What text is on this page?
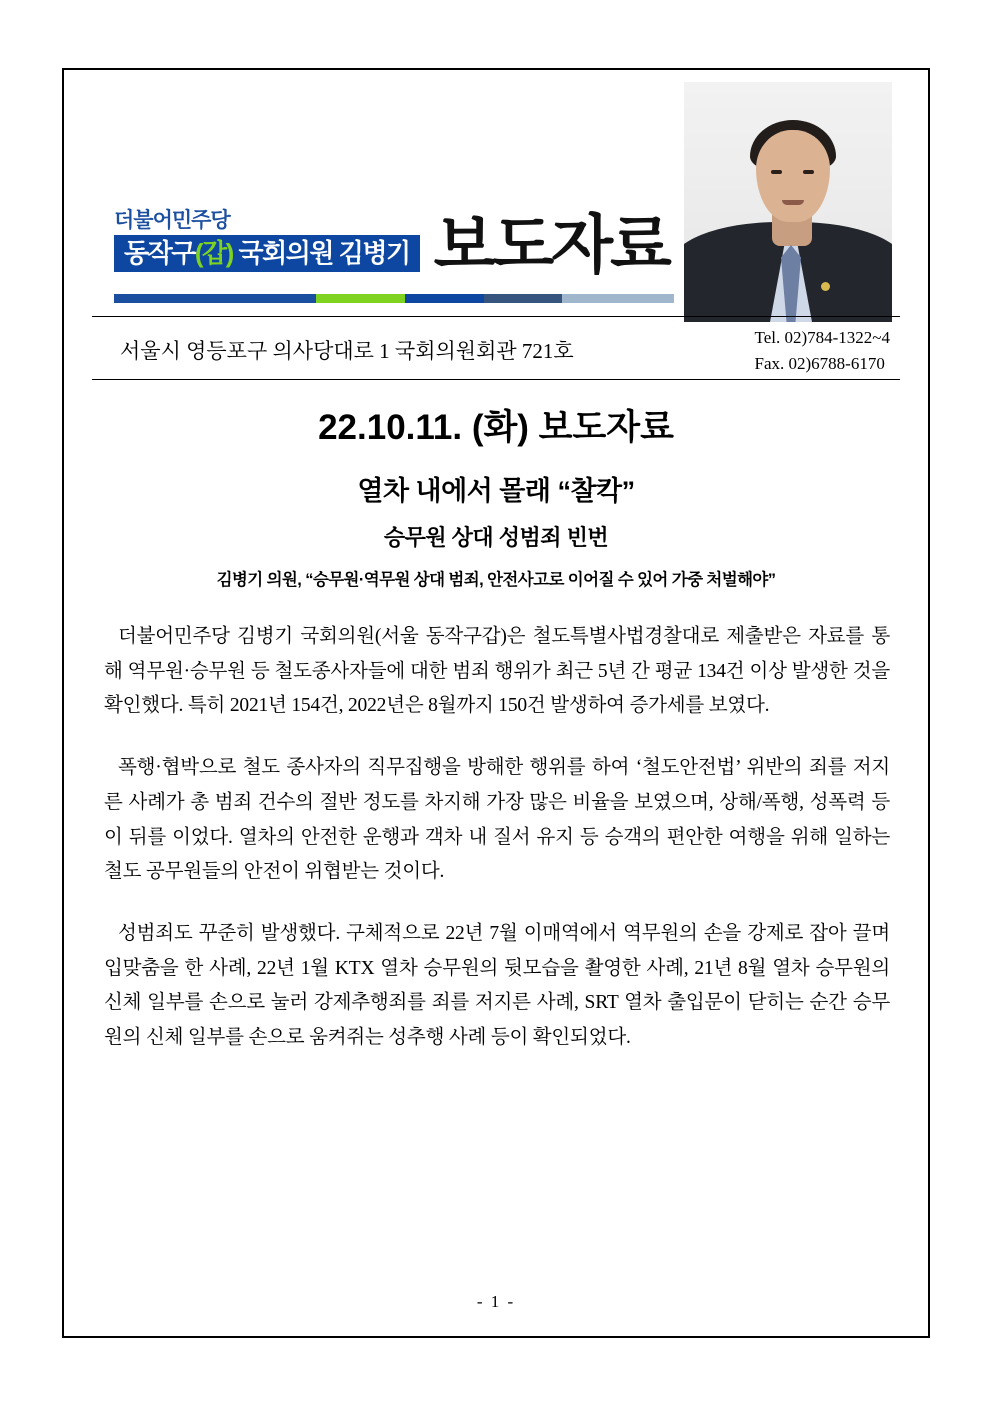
더불어민주당
동작구(갑) 국회의원 김병기 보도자료
서울시 영등포구 의사당대로 1 국회의원회관 721호
Tel. 02)784-1322~4
Fax. 02)6788-6170
22.10.11. (화) 보도자료
열차 내에서 몰래 “찰칵”
승무원 상대 성범죄 빈번
김병기 의원, “승무원·역무원 상대 범죄, 안전사고로 이어질 수 있어 가중 처벌해야”

더불어민주당 김병기 국회의원(서울 동작구갑)은 철도특별사법경찰대로 제출받은 자료를 통해 역무원·승무원 등 철도종사자들에 대한 범죄 행위가 최근 5년 간 평균 134건 이상 발생한 것을 확인했다. 특히 2021년 154건, 2022년은 8월까지 150건 발생하여 증가세를 보였다.

폭행·협박으로 철도 종사자의 직무집행을 방해한 행위를 하여 ‘철도안전법’ 위반의 죄를 저지른 사례가 총 범죄 건수의 절반 정도를 차지해 가장 많은 비율을 보였으며, 상해/폭행, 성폭력 등이 뒤를 이었다. 열차의 안전한 운행과 객차 내 질서 유지 등 승객의 편안한 여행을 위해 일하는 철도 공무원들의 안전이 위협받는 것이다.

성범죄도 꾸준히 발생했다. 구체적으로 22년 7월 이매역에서 역무원의 손을 강제로 잡아 끌며 입맞춤을 한 사례, 22년 1월 KTX 열차 승무원의 뒷모습을 촬영한 사례, 21년 8월 열차 승무원의 신체 일부를 손으로 눌러 강제추행죄를 죄를 저지른 사례, SRT 열차 출입문이 닫히는 순간 승무원의 신체 일부를 손으로 움켜쥐는 성추행 사례 등이 확인되었다.

- 1 -
